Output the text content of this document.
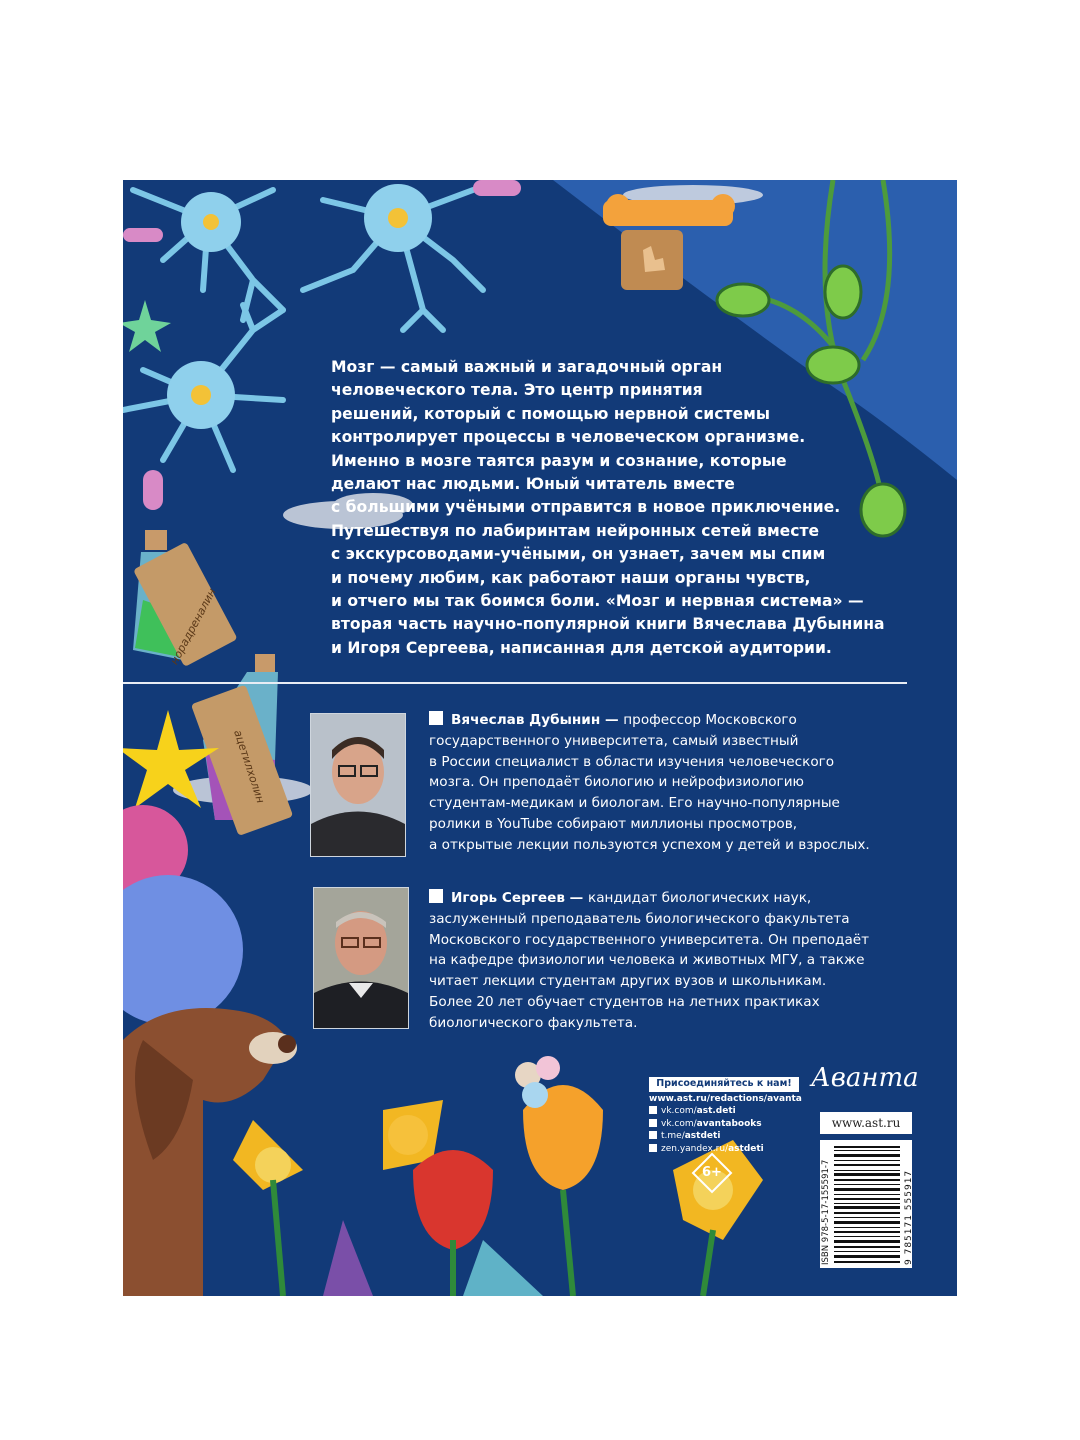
Мозг — самый важный и загадочный орган
человеческого тела. Это центр принятия
решений, который с помощью нервной системы
контролирует процессы в человеческом организме.
Именно в мозге таятся разум и сознание, которые
делают нас людьми. Юный читатель вместе
с большими учёными отправится в новое приключение.
Путешествуя по лабиринтам нейронных сетей вместе
с экскурсоводами-учёными, он узнает, зачем мы спим
и почему любим, как работают наши органы чувств,
и отчего мы так боимся боли. «Мозг и нервная система» —
вторая часть научно-популярной книги Вячеслава Дубынина
и Игоря Сергеева, написанная для детской аудитории.

норадреналин
ацетилхолин
Вячеслав Дубынин — профессор Московского
государственного университета, самый известный
в России специалист в области изучения человеческого
мозга. Он преподаёт биологию и нейрофизиологию
студентам-медикам и биологам. Его научно-популярные
ролики в YouTube собирают миллионы просмотров,
а открытые лекции пользуются успехом у детей и взрослых.
Игорь Сергеев — кандидат биологических наук,
заслуженный преподаватель биологического факультета
Московского государственного университета. Он преподаёт
на кафедре физиологии человека и животных МГУ, а также
читает лекции студентам других вузов и школьникам.
Более 20 лет обучает студентов на летних практиках
биологического факультета.
Присоединяйтесь к нам!
www.ast.ru/redactions/avanta
vk.com/ast.deti
vk.com/avantabooks
t.me/astdeti
zen.yandex.ru/astdeti
6+
Аванта
www.ast.ru
ISBN 978-5-17-155591-7	9 785171 555917
